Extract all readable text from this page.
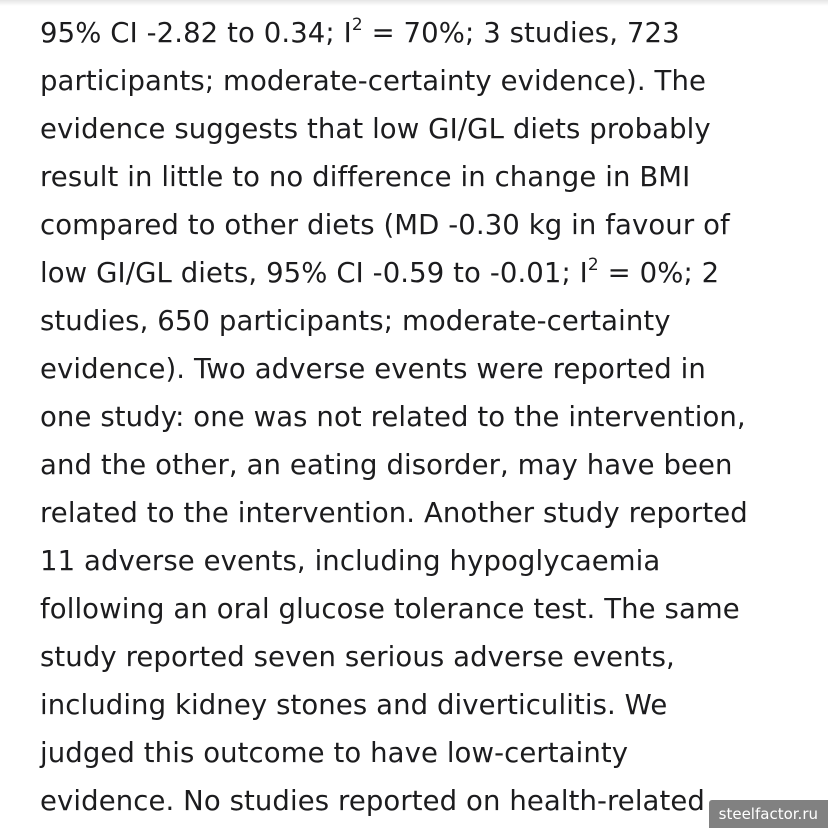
95% CI -2.82 to 0.34; $I^2 = 70\%$; 3 studies, 723
participants; moderate-certainty evidence). The
evidence suggests that low GI/GL diets probably
result in little to no difference in change in BMI
compared to other diets (MD -0.30 kg in favour of
low GI/GL diets, 95% CI -0.59 to -0.01; $I^2 = 0\%$; 2
studies, 650 participants; moderate-certainty
evidence). Two adverse events were reported in
one study: one was not related to the intervention,
and the other, an eating disorder, may have been
related to the intervention. Another study reported
11 adverse events, including hypoglycaemia
following an oral glucose tolerance test. The same
study reported seven serious adverse events,
including kidney stones and diverticulitis. We
judged this outcome to have low-certainty
evidence. No studies reported on health-related steelfactor.ru
